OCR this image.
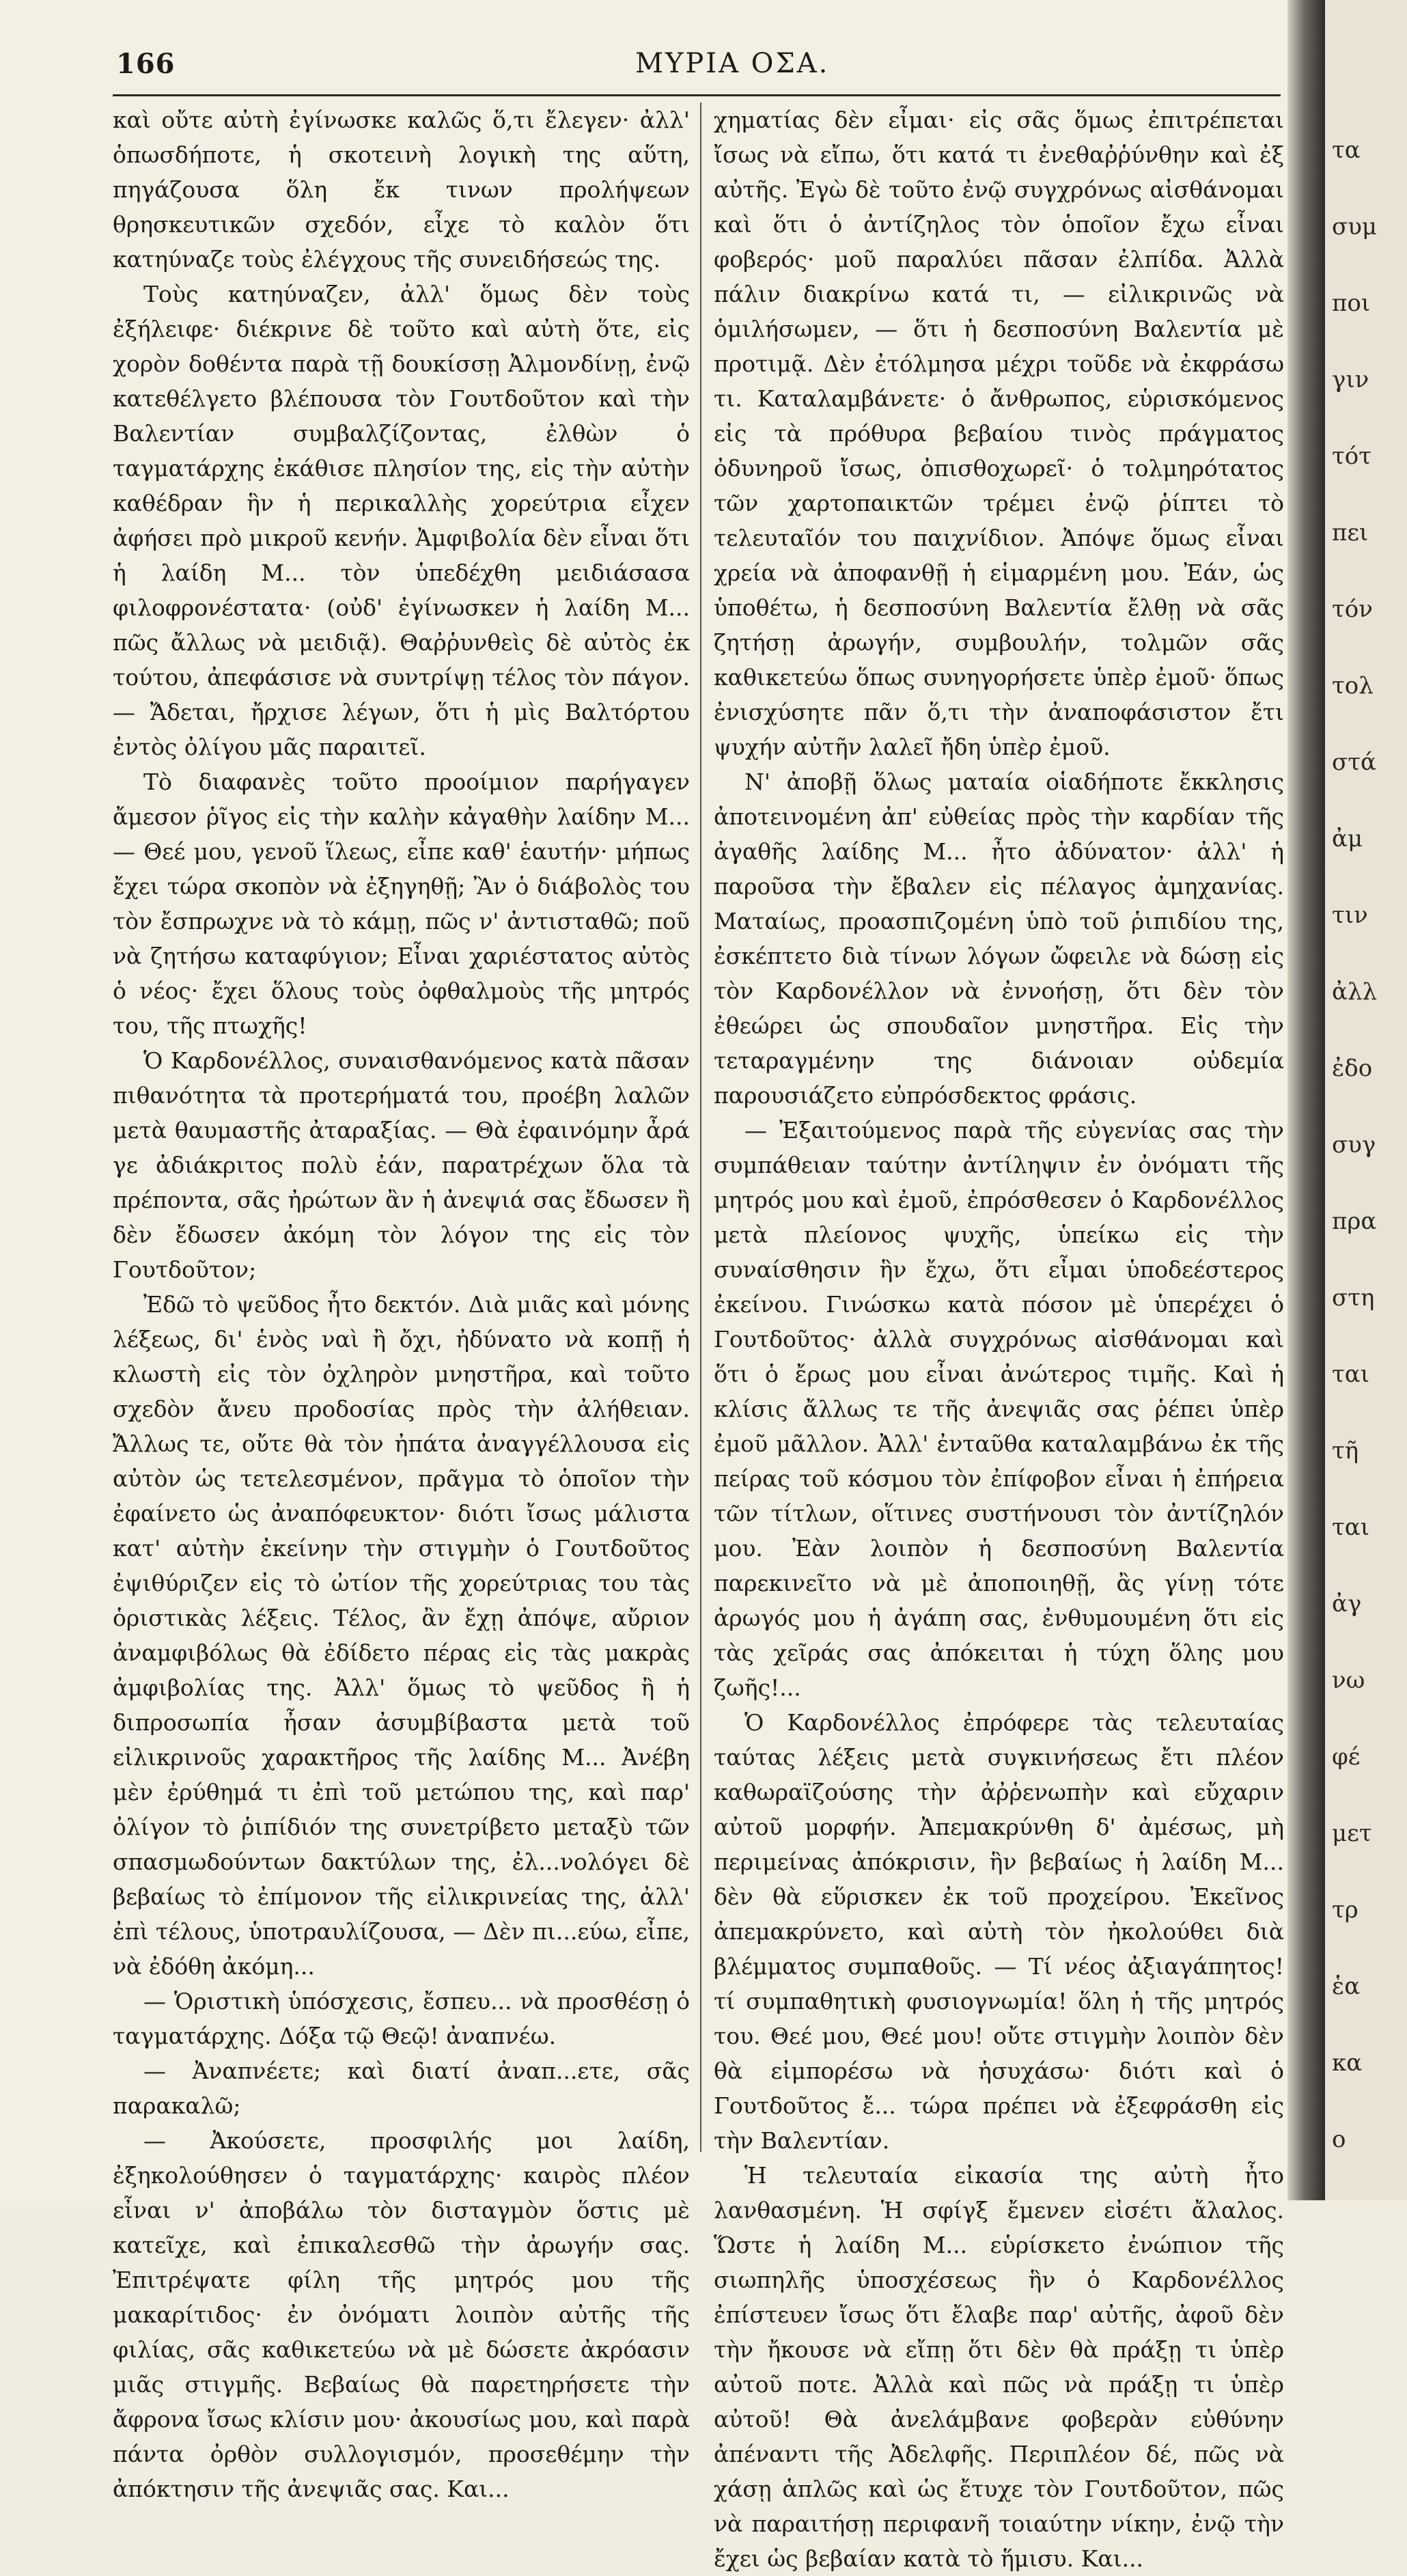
166	ΜΥΡΙΑ ΟΣΑ.

καὶ οὔτε αὐτὴ ἐγίνωσκε καλῶς ὅ,τι ἔλεγεν· ἀλλ' ὁπωσδήποτε, ἡ σκοτεινὴ λογικὴ της αὕτη, πηγάζουσα ὅλη ἔκ τινων προλήψεων θρησκευτικῶν σχεδόν, εἶχε τὸ καλὸν ὅτι κατηύναζε τοὺς ἐλέγχους τῆς συνειδήσεώς της.

Τοὺς κατηύναζεν, ἀλλ' ὅμως δὲν τοὺς ἐξήλειφε· διέκρινε δὲ τοῦτο καὶ αὐτὴ ὅτε, εἰς χορὸν δοθέντα παρὰ τῇ δουκίσσῃ Ἀλμονδίνῃ, ἐνῷ κατεθέλγετο βλέπουσα τὸν Γουτδοῦτον καὶ τὴν Βαλεντίαν συμβαλζίζοντας, ἐλθὼν ὁ ταγματάρχης ἐκάθισε πλησίον της, εἰς τὴν αὐτὴν καθέδραν ἣν ἡ περικαλλὴς χορεύτρια εἶχεν ἀφήσει πρὸ μικροῦ κενήν. Ἀμφιβολία δὲν εἶναι ὅτι ἡ λαίδη Μ... τὸν ὑπεδέχθη μειδιάσασα φιλοφρονέστατα· (οὐδ' ἐγίνωσκεν ἡ λαίδη Μ... πῶς ἄλλως νὰ μειδιᾷ). Θαῤῥυνθεὶς δὲ αὐτὸς ἐκ τούτου, ἀπεφάσισε νὰ συντρίψῃ τέλος τὸν πάγον. — Ἄδεται, ἤρχισε λέγων, ὅτι ἡ μὶς Βαλτόρτου ἐντὸς ὀλίγου μᾶς παραιτεῖ.

Τὸ διαφανὲς τοῦτο προοίμιον παρήγαγεν ἄμεσον ῥῖγος εἰς τὴν καλὴν κἀγαθὴν λαίδην Μ... — Θεέ μου, γενοῦ ἵλεως, εἶπε καθ' ἑαυτήν· μήπως ἔχει τώρα σκοπὸν νὰ ἐξηγηθῇ; Ἂν ὁ διάβολὸς του τὸν ἔσπρωχνε νὰ τὸ κάμῃ, πῶς ν' ἀντισταθῶ; ποῦ νὰ ζητήσω καταφύγιον; Εἶναι χαριέστατος αὐτὸς ὁ νέος· ἔχει ὅλους τοὺς ὀφθαλμοὺς τῆς μητρός του, τῆς πτωχῆς!

Ὁ Καρδονέλλος, συναισθανόμενος κατὰ πᾶσαν πιθανότητα τὰ προτερήματά του, προέβη λαλῶν μετὰ θαυμαστῆς ἀταραξίας. — Θὰ ἐφαινόμην ἆρά γε ἀδιάκριτος πολὺ ἐάν, παρατρέχων ὅλα τὰ πρέποντα, σᾶς ἠρώτων ἂν ἡ ἀνεψιά σας ἔδωσεν ἢ δὲν ἔδωσεν ἀκόμη τὸν λόγον της εἰς τὸν Γουτδοῦτον;

Ἐδῶ τὸ ψεῦδος ἦτο δεκτόν. Διὰ μιᾶς καὶ μόνης λέξεως, δι' ἑνὸς ναὶ ἢ ὄχι, ἠδύνατο νὰ κοπῇ ἡ κλωστὴ εἰς τὸν ὀχληρὸν μνηστῆρα, καὶ τοῦτο σχεδὸν ἄνευ προδοσίας πρὸς τὴν ἀλήθειαν. Ἄλλως τε, οὔτε θὰ τὸν ἠπάτα ἀναγγέλλουσα εἰς αὐτὸν ὡς τετελεσμένον, πρᾶγμα τὸ ὁποῖον τὴν ἐφαίνετο ὡς ἀναπόφευκτον· διότι ἴσως μάλιστα κατ' αὐτὴν ἐκείνην τὴν στιγμὴν ὁ Γουτδοῦτος ἐψιθύριζεν εἰς τὸ ὠτίον τῆς χορεύτριας του τὰς ὁριστικὰς λέξεις. Τέλος, ἂν ἔχῃ ἀπόψε, αὔριον ἀναμφιβόλως θὰ ἐδίδετο πέρας εἰς τὰς μακρὰς ἀμφιβολίας της. Ἀλλ' ὅμως τὸ ψεῦδος ἢ ἡ διπροσωπία ἦσαν ἀσυμβίβαστα μετὰ τοῦ εἰλικρινοῦς χαρακτῆρος τῆς λαίδης Μ... Ἀνέβη μὲν ἐρύθημά τι ἐπὶ τοῦ μετώπου της, καὶ παρ' ὀλίγον τὸ ῥιπίδιόν της συνετρίβετο μεταξὺ τῶν σπασμωδούντων δακτύλων της, ἐλ...νολόγει δὲ βεβαίως τὸ ἐπίμονον τῆς εἰλικρινείας της, ἀλλ' ἐπὶ τέλους, ὑποτραυλίζουσα, — Δὲν πι...εύω, εἶπε, νὰ ἐδόθη ἀκόμη...

— Ὁριστικὴ ὑπόσχεσις, ἔσπευ... νὰ προσθέσῃ ὁ ταγματάρχης. Δόξα τῷ Θεῷ! ἀναπνέω.

— Ἀναπνέετε; καὶ διατί ἀναπ...ετε, σᾶς παρακαλῶ;

— Ἀκούσετε, προσφιλής μοι λαίδη, ἐξηκολούθησεν ὁ ταγματάρχης· καιρὸς πλέον εἶναι ν' ἀποβάλω τὸν δισταγμὸν ὅστις μὲ κατεῖχε, καὶ ἐπικαλεσθῶ τὴν ἀρωγήν σας. Ἐπιτρέψατε φίλη τῆς μητρός μου τῆς μακαρίτιδος· ἐν ὀνόματι λοιπὸν αὐτῆς τῆς φιλίας, σᾶς καθικετεύω νὰ μὲ δώσετε ἀκρόασιν μιᾶς στιγμῆς. Βεβαίως θὰ παρετηρήσετε τὴν ἄφρονα ἴσως κλίσιν μου· ἀκουσίως μου, καὶ παρὰ πάντα ὀρθὸν συλλογισμόν, προσεθέμην τὴν ἀπόκτησιν τῆς ἀνεψιᾶς σας. Και...

χηματίας δὲν εἶμαι· εἰς σᾶς ὅμως ἐπιτρέπεται ἴσως νὰ εἴπω, ὅτι κατά τι ἐνεθαῤῥύνθην καὶ ἐξ αὐτῆς. Ἐγὼ δὲ τοῦτο ἐνῷ συγχρόνως αἰσθάνομαι καὶ ὅτι ὁ ἀντίζηλος τὸν ὁποῖον ἔχω εἶναι φοβερός· μοῦ παραλύει πᾶσαν ἐλπίδα. Ἀλλὰ πάλιν διακρίνω κατά τι, — εἰλικρινῶς νὰ ὁμιλήσωμεν, — ὅτι ἡ δεσποσύνη Βαλεντία μὲ προτιμᾷ. Δὲν ἐτόλμησα μέχρι τοῦδε νὰ ἐκφράσω τι. Καταλαμβάνετε· ὁ ἄνθρωπος, εὑρισκόμενος εἰς τὰ πρόθυρα βεβαίου τινὸς πράγματος ὀδυνηροῦ ἴσως, ὀπισθοχωρεῖ· ὁ τολμηρότατος τῶν χαρτοπαικτῶν τρέμει ἐνῷ ῥίπτει τὸ τελευταῖόν του παιχνίδιον. Ἀπόψε ὅμως εἶναι χρεία νὰ ἀποφανθῇ ἡ εἱμαρμένη μου. Ἐάν, ὡς ὑποθέτω, ἡ δεσποσύνη Βαλεντία ἔλθῃ νὰ σᾶς ζητήσῃ ἀρωγήν, συμβουλήν, τολμῶν σᾶς καθικετεύω ὅπως συνηγορήσετε ὑπὲρ ἐμοῦ· ὅπως ἐνισχύσητε πᾶν ὅ,τι τὴν ἀναποφάσιστον ἔτι ψυχήν αὐτῆν λαλεῖ ἤδη ὑπὲρ ἐμοῦ.

Ν' ἀποβῇ ὅλως ματαία οἱαδήποτε ἔκκλησις ἀποτεινομένη ἀπ' εὐθείας πρὸς τὴν καρδίαν τῆς ἀγαθῆς λαίδης Μ... ἦτο ἀδύνατον· ἀλλ' ἡ παροῦσα τὴν ἔβαλεν εἰς πέλαγος ἀμηχανίας. Ματαίως, προασπιζομένη ὑπὸ τοῦ ῥιπιδίου της, ἐσκέπτετο διὰ τίνων λόγων ὤφειλε νὰ δώσῃ εἰς τὸν Καρδονέλλον νὰ ἐννοήσῃ, ὅτι δὲν τὸν ἐθεώρει ὡς σπουδαῖον μνηστῆρα. Εἰς τὴν τεταραγμένην της διάνοιαν οὐδεμία παρουσιάζετο εὐπρόσδεκτος φράσις.

— Ἐξαιτούμενος παρὰ τῆς εὐγενίας σας τὴν συμπάθειαν ταύτην ἀντίληψιν ἐν ὀνόματι τῆς μητρός μου καὶ ἐμοῦ, ἐπρόσθεσεν ὁ Καρδονέλλος μετὰ πλείονος ψυχῆς, ὑπείκω εἰς τὴν συναίσθησιν ἣν ἔχω, ὅτι εἶμαι ὑποδεέστερος ἐκείνου. Γινώσκω κατὰ πόσον μὲ ὑπερέχει ὁ Γουτδοῦτος· ἀλλὰ συγχρόνως αἰσθάνομαι καὶ ὅτι ὁ ἔρως μου εἶναι ἀνώτερος τιμῆς. Καὶ ἡ κλίσις ἄλλως τε τῆς ἀνεψιᾶς σας ῥέπει ὑπὲρ ἐμοῦ μᾶλλον. Ἀλλ' ἐνταῦθα καταλαμβάνω ἐκ τῆς πείρας τοῦ κόσμου τὸν ἐπίφοβον εἶναι ἡ ἐπήρεια τῶν τίτλων, οἵτινες συστήνουσι τὸν ἀντίζηλόν μου. Ἐὰν λοιπὸν ἡ δεσποσύνη Βαλεντία παρεκινεῖτο νὰ μὲ ἀποποιηθῇ, ἂς γίνῃ τότε ἀρωγός μου ἡ ἀγάπη σας, ἐνθυμουμένη ὅτι εἰς τὰς χεῖράς σας ἀπόκειται ἡ τύχη ὅλης μου ζωῆς!...

Ὁ Καρδονέλλος ἐπρόφερε τὰς τελευταίας ταύτας λέξεις μετὰ συγκινήσεως ἔτι πλέον καθωραϊζούσης τὴν ἀῤῥενωπὴν καὶ εὔχαριν αὐτοῦ μορφήν. Ἀπεμακρύνθη δ' ἀμέσως, μὴ περιμείνας ἀπόκρισιν, ἣν βεβαίως ἡ λαίδη Μ... δὲν θὰ εὕρισκεν ἐκ τοῦ προχείρου. Ἐκεῖνος ἀπεμακρύνετο, καὶ αὐτὴ τὸν ἠκολούθει διὰ βλέμματος συμπαθοῦς. — Τί νέος ἀξιαγάπητος! τί συμπαθητικὴ φυσιογνωμία! ὅλη ἡ τῆς μητρός του. Θεέ μου, Θεέ μου! οὔτε στιγμὴν λοιπὸν δὲν θὰ εἰμπορέσω νὰ ἡσυχάσω· διότι καὶ ὁ Γουτδοῦτος ἔ... τώρα πρέπει νὰ ἐξεφράσθη εἰς τὴν Βαλεντίαν.

Ἡ τελευταία εἰκασία της αὐτὴ ἦτο λανθασμένη. Ἡ σφίγξ ἔμενεν εἰσέτι ἄλαλος. Ὥστε ἡ λαίδη Μ... εὑρίσκετο ἐνώπιον τῆς σιωπηλῆς ὑποσχέσεως ἣν ὁ Καρδονέλλος ἐπίστευεν ἴσως ὅτι ἔλαβε παρ' αὐτῆς, ἀφοῦ δὲν τὴν ἤκουσε νὰ εἴπῃ ὅτι δὲν θὰ πράξῃ τι ὑπὲρ αὐτοῦ ποτε. Ἀλλὰ καὶ πῶς νὰ πράξῃ τι ὑπὲρ αὐτοῦ! Θὰ ἀνελάμβανε φοβερὰν εὐθύνην ἀπέναντι τῆς Ἀδελφῆς. Περιπλέον δέ, πῶς νὰ χάσῃ ἁπλῶς καὶ ὡς ἔτυχε τὸν Γουτδοῦτον, πῶς νὰ παραιτήσῃ περιφανῆ τοιαύτην νίκην, ἐνῷ τὴν ἔχει ὡς βεβαίαν κατὰ τὸ ἥμισυ. Και...

τα
συμ
ποι
γιν
τότ
πει
τόν
τολ
στά
ἀμ
τιν
ἀλλ
ἐδο
συγ
πρα
στη
ται
τῆ
ται
ἀγ
νω
φέ
μετ
τρ
ἑα
κα
ο
